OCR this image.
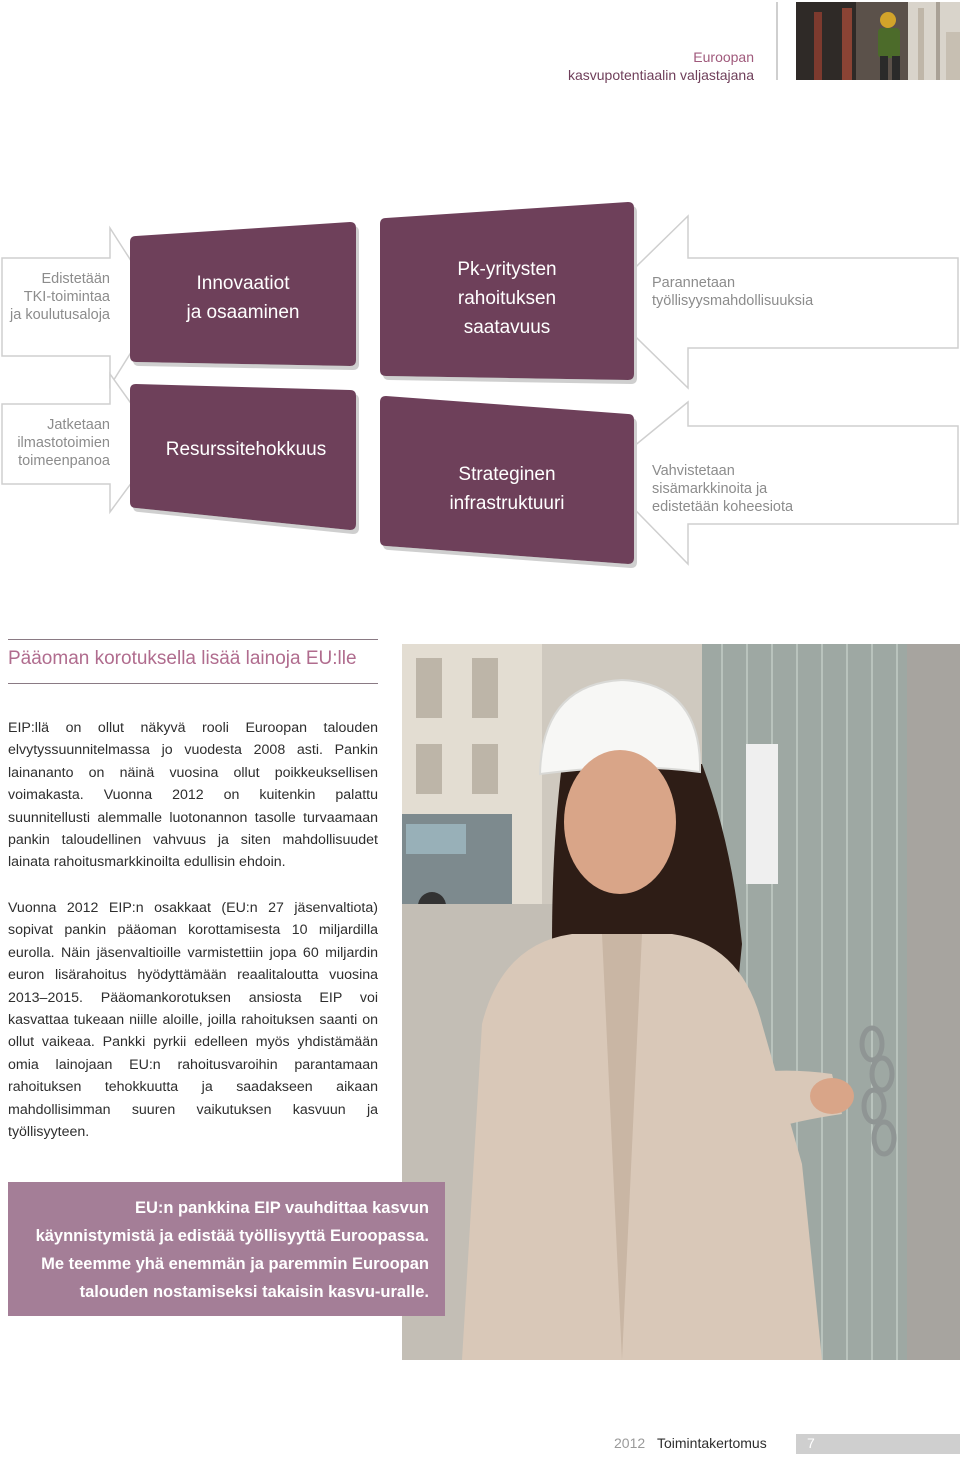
Euroopan
kasvupotentiaalin valjastajana
Edistetään
TKI-toimintaa
ja koulutusaloja
Innovaatiot
ja osaaminen
Pk-yritysten
rahoituksen
saatavuus
Parannetaan
työllisyysmahdollisuuksia
Jatketaan
ilmastotoimien
toimeenpanoa
Resurssitehokkuus
Strateginen
infrastruktuuri
Vahvistetaan
sisämarkkinoita ja
edistetään koheesiota
Pääoman korotuksella lisää lainoja EU:lle
EIP:llä on ollut näkyvä rooli Euroopan talouden elvytyssuunnitelmassa jo vuodesta 2008 asti. Pankin lainananto on näinä vuosina ollut poikkeuksellisen voimakasta. Vuonna 2012 on kuitenkin palattu suunnitellusti alemmalle luotonannon tasolle turvaamaan pankin taloudellinen vahvuus ja siten mahdollisuudet lainata rahoitusmarkkinoilta edullisin ehdoin.
Vuonna 2012 EIP:n osakkaat (EU:n 27 jäsenvaltiota) sopivat pankin pääoman korottamisesta 10 miljardilla eurolla. Näin jäsenvaltioille varmistettiin jopa 60 miljardin euron lisärahoitus hyödyttämään reaalitaloutta vuosina 2013–2015. Pääomankorotuksen ansiosta EIP voi kasvattaa tukeaan niille aloille, joilla rahoituksen saanti on ollut vaikeaa. Pankki pyrkii edelleen myös yhdistämään omia lainojaan EU:n rahoitusvaroihin parantamaan rahoituksen tehokkuutta ja saadakseen aikaan mahdollisimman suuren vaikutuksen kasvuun ja työllisyyteen.
EU:n pankkina EIP vauhdittaa kasvun
käynnistymistä ja edistää työllisyyttä Euroopassa.
Me teemme yhä enemmän ja paremmin Euroopan
talouden nostamiseksi takaisin kasvu-uralle.
2012 Toimintakertomus	7
